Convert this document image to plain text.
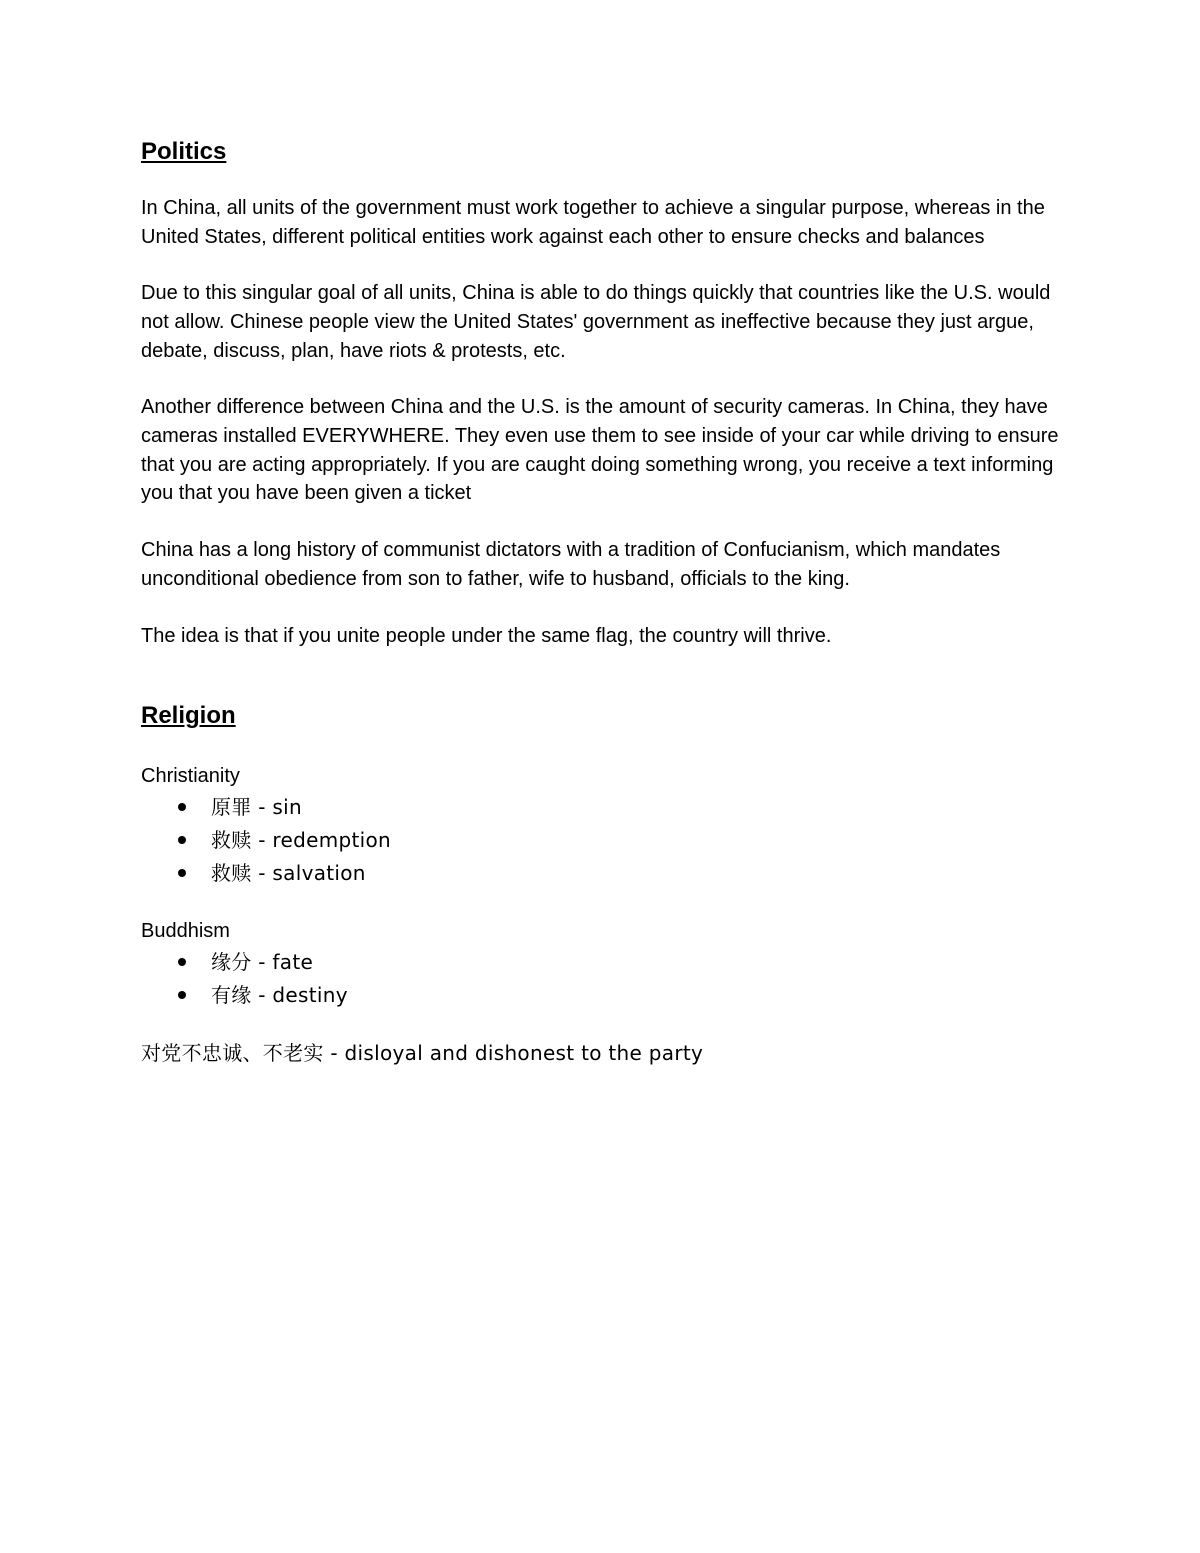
Politics

In China, all units of the government must work together to achieve a singular purpose, whereas in the United States, different political entities work against each other to ensure checks and balances

Due to this singular goal of all units, China is able to do things quickly that countries like the U.S. would not allow. Chinese people view the United States' government as ineffective because they just argue, debate, discuss, plan, have riots & protests, etc.

Another difference between China and the U.S. is the amount of security cameras. In China, they have cameras installed EVERYWHERE. They even use them to see inside of your car while driving to ensure that you are acting appropriately. If you are caught doing something wrong, you receive a text informing you that you have been given a ticket

China has a long history of communist dictators with a tradition of Confucianism, which mandates unconditional obedience from son to father, wife to husband, officials to the king.

The idea is that if you unite people under the same flag, the country will thrive.

Religion

Christianity

原罪 - sin
救赎 - redemption
救赎 - salvation

Buddhism

缘分 - fate
有缘 - destiny

对党不忠诚、不老实 - disloyal and dishonest to the party
